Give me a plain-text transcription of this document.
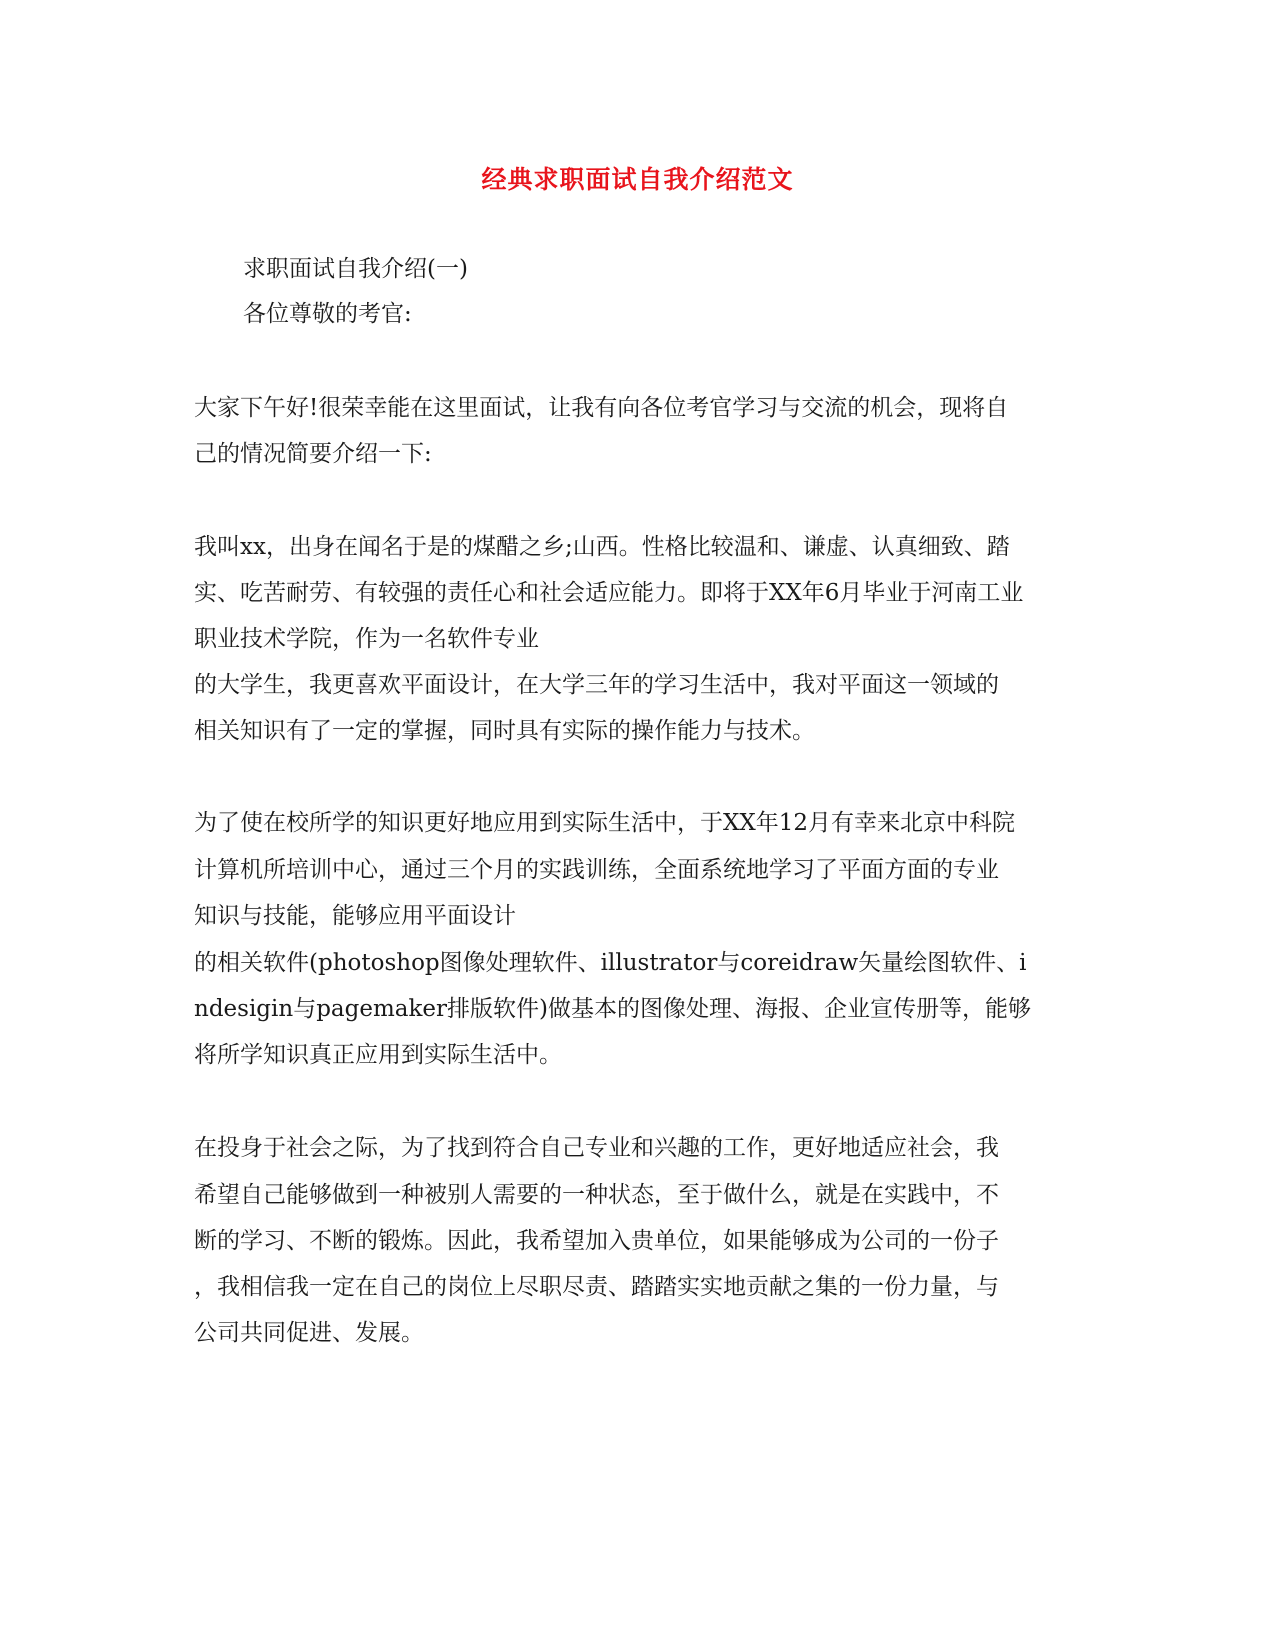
经典求职面试自我介绍范文
求职面试自我介绍(一)
各位尊敬的考官:
大家下午好!很荣幸能在这里面试，让我有向各位考官学习与交流的机会，现将自
己的情况简要介绍一下:
我叫xx，出身在闻名于是的煤醋之乡;山西。性格比较温和、谦虚、认真细致、踏
实、吃苦耐劳、有较强的责任心和社会适应能力。即将于XX年6月毕业于河南工业
职业技术学院，作为一名软件专业
的大学生，我更喜欢平面设计，在大学三年的学习生活中，我对平面这一领域的
相关知识有了一定的掌握，同时具有实际的操作能力与技术。
为了使在校所学的知识更好地应用到实际生活中，于XX年12月有幸来北京中科院
计算机所培训中心，通过三个月的实践训练，全面系统地学习了平面方面的专业
知识与技能，能够应用平面设计
的相关软件(photoshop图像处理软件、illustrator与coreidraw矢量绘图软件、i
ndesigin与pagemaker排版软件)做基本的图像处理、海报、企业宣传册等，能够
将所学知识真正应用到实际生活中。
在投身于社会之际，为了找到符合自己专业和兴趣的工作，更好地适应社会，我
希望自己能够做到一种被别人需要的一种状态，至于做什么，就是在实践中，不
断的学习、不断的锻炼。因此，我希望加入贵单位，如果能够成为公司的一份子
，我相信我一定在自己的岗位上尽职尽责、踏踏实实地贡献之集的一份力量，与
公司共同促进、发展。
